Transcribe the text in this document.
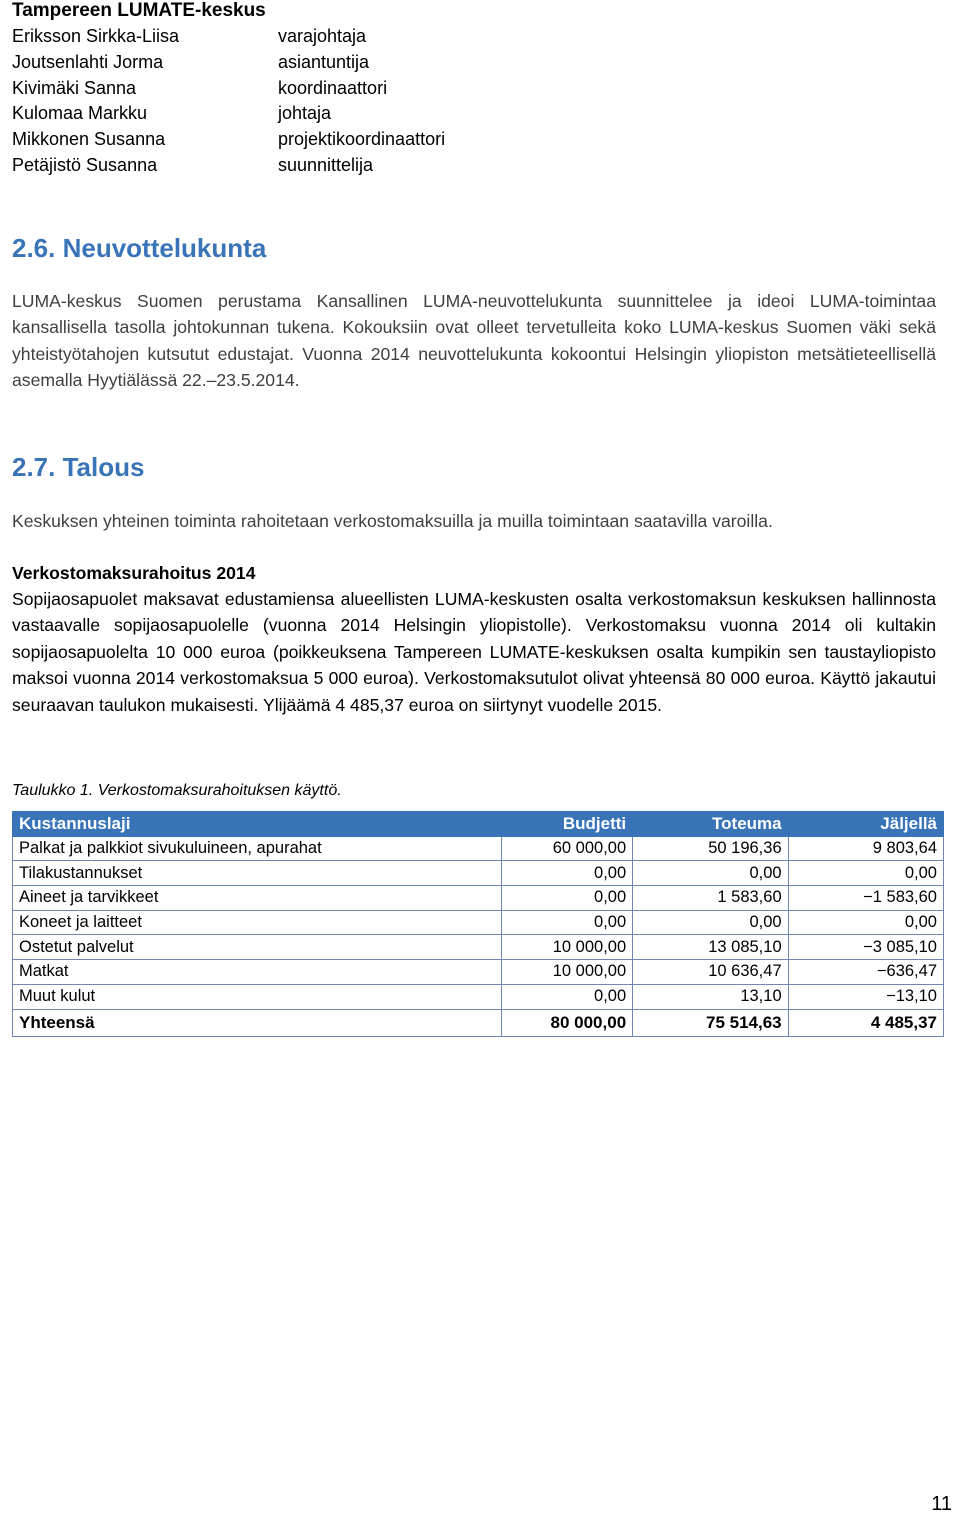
Tampereen LUMATE-keskus
Eriksson Sirkka-Liisa	varajohtaja
Joutsenlahti Jorma	asiantuntija
Kivimäki Sanna	koordinaattori
Kulomaa Markku	johtaja
Mikkonen Susanna	projektikoordinaattori
Petäjistö Susanna	suunnittelija
2.6. Neuvottelukunta
LUMA-keskus Suomen perustama Kansallinen LUMA-neuvottelukunta suunnittelee ja ideoi LUMA-toimintaa kansallisella tasolla johtokunnan tukena. Kokouksiin ovat olleet tervetulleita koko LUMA-keskus Suomen väki sekä yhteistyötahojen kutsutut edustajat. Vuonna 2014 neuvottelukunta kokoontui Helsingin yliopiston metsätieteellisellä asemalla Hyytiälässä 22.–23.5.2014.
2.7. Talous
Keskuksen yhteinen toiminta rahoitetaan verkostomaksuilla ja muilla toimintaan saatavilla varoilla.
Verkostomaksurahoitus 2014
Sopijaosapuolet maksavat edustamiensa alueellisten LUMA-keskusten osalta verkostomaksun keskuksen hallinnosta vastaavalle sopijaosapuolelle (vuonna 2014 Helsingin yliopistolle). Verkostomaksu vuonna 2014 oli kultakin sopijaosapuolelta 10 000 euroa (poikkeuksena Tampereen LUMATE-keskuksen osalta kumpikin sen taustayliopisto maksoi vuonna 2014 verkostomaksua 5 000 euroa). Verkostomaksutulot olivat yhteensä 80 000 euroa. Käyttö jakautui seuraavan taulukon mukaisesti. Ylijäämä 4 485,37 euroa on siirtynyt vuodelle 2015.
Taulukko 1. Verkostomaksurahoituksen käyttö.
Kustannuslaji	Budjetti	Toteuma	Jäljellä
Palkat ja palkkiot sivukuluineen, apurahat	60 000,00	50 196,36	9 803,64
Tilakustannukset	0,00	0,00	0,00
Aineet ja tarvikkeet	0,00	1 583,60	−1 583,60
Koneet ja laitteet	0,00	0,00	0,00
Ostetut palvelut	10 000,00	13 085,10	−3 085,10
Matkat	10 000,00	10 636,47	−636,47
Muut kulut	0,00	13,10	−13,10
Yhteensä	80 000,00	75 514,63	4 485,37
11
